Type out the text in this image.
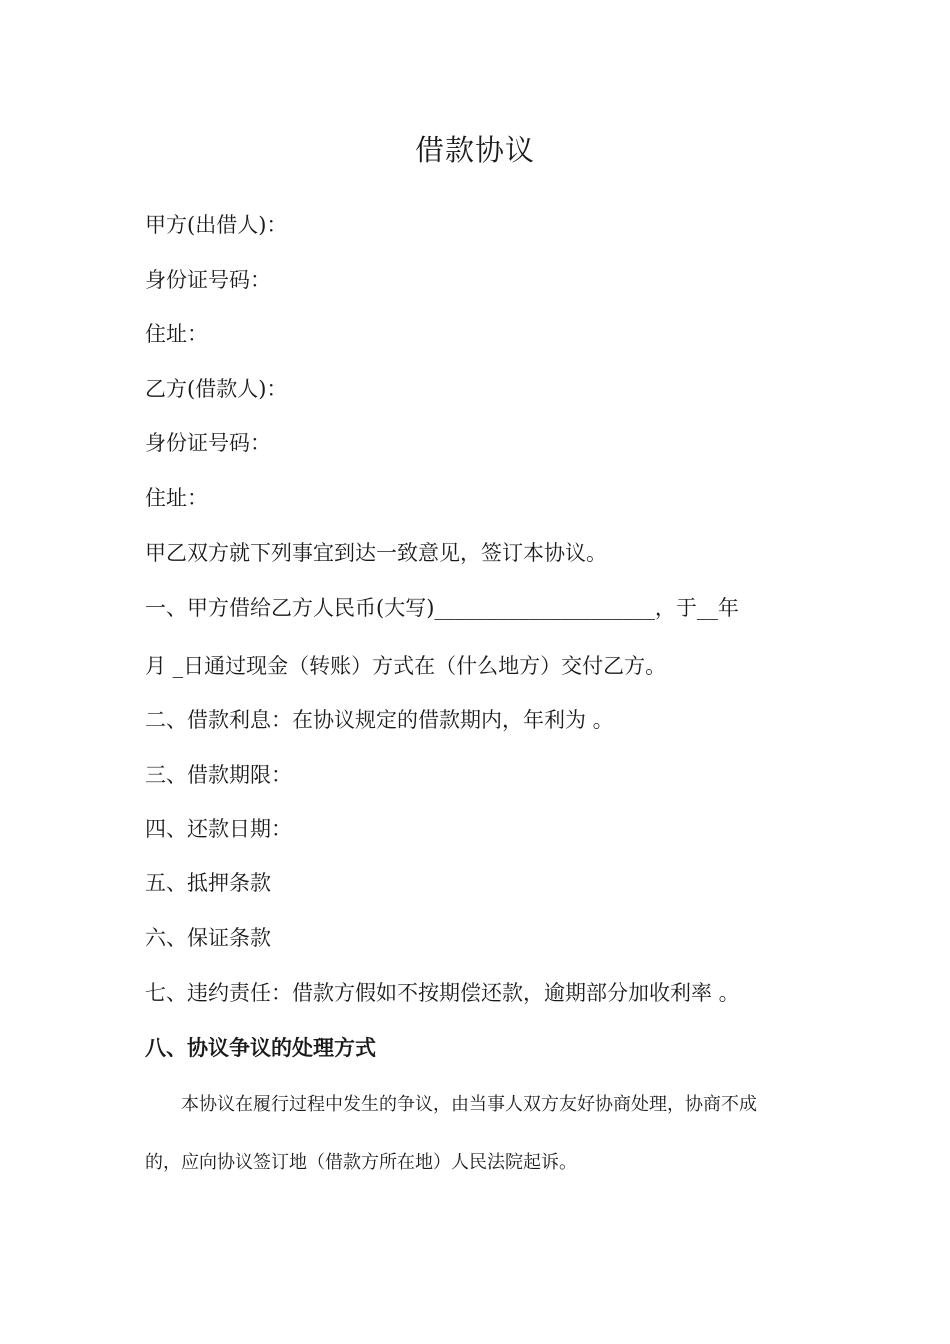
借款协议

甲方(出借人)：

身份证号码：

住址：

乙方(借款人)：

身份证号码：

住址：

甲乙双方就下列事宜到达一致意见，签订本协议。

一、甲方借给乙方人民币(大写)_____________________，于__年

月 _日通过现金（转账）方式在（什么地方）交付乙方。

二、借款利息：在协议规定的借款期内，年利为 。

三、借款期限：

四、还款日期：

五、抵押条款

六、保证条款

七、违约责任：借款方假如不按期偿还款，逾期部分加收利率 。

八、协议争议的处理方式

本协议在履行过程中发生的争议，由当事人双方友好协商处理，协商不成

的，应向协议签订地（借款方所在地）人民法院起诉。
